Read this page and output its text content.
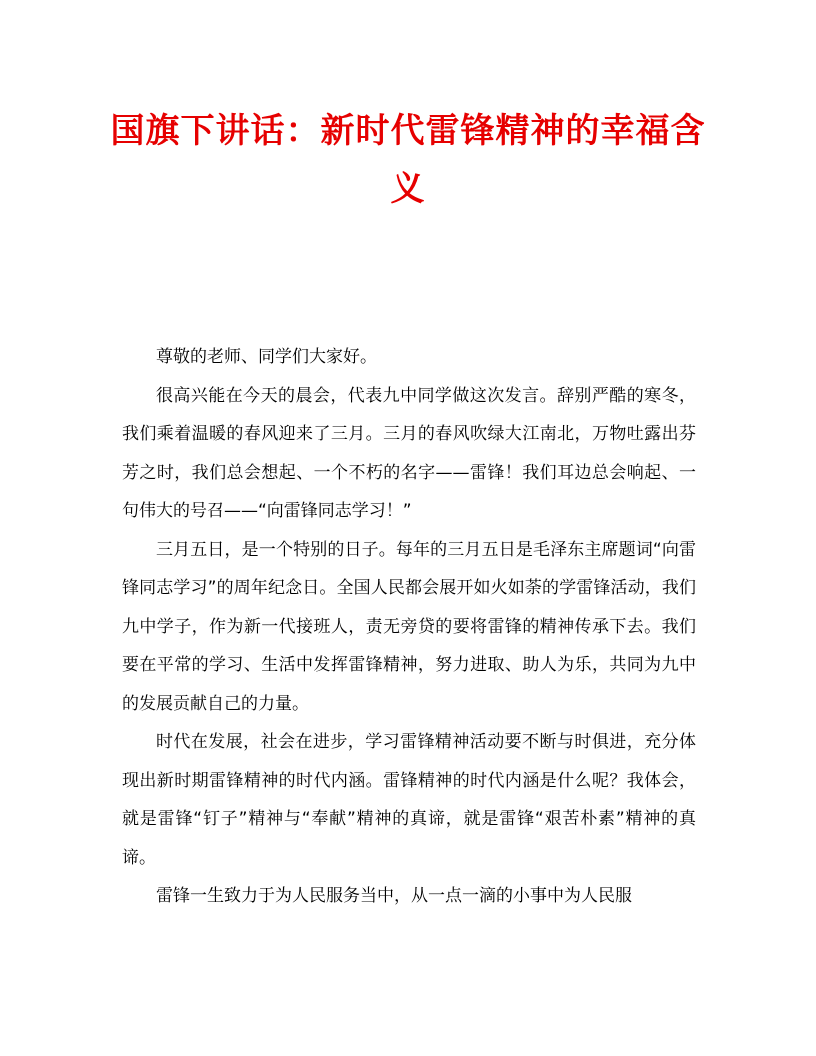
国旗下讲话：新时代雷锋精神的幸福含义

尊敬的老师、同学们大家好。

很高兴能在今天的晨会，代表九中同学做这次发言。辞别严酷的寒冬，我们乘着温暖的春风迎来了三月。三月的春风吹绿大江南北，万物吐露出芬芳之时，我们总会想起、一个不朽的名字——雷锋！我们耳边总会响起、一句伟大的号召——“向雷锋同志学习！”

三月五日，是一个特别的日子。每年的三月五日是毛泽东主席题词“向雷锋同志学习”的周年纪念日。全国人民都会展开如火如荼的学雷锋活动，我们九中学子，作为新一代接班人，责无旁贷的要将雷锋的精神传承下去。我们要在平常的学习、生活中发挥雷锋精神，努力进取、助人为乐，共同为九中的发展贡献自己的力量。

时代在发展，社会在进步，学习雷锋精神活动要不断与时俱进，充分体现出新时期雷锋精神的时代内涵。雷锋精神的时代内涵是什么呢？我体会，就是雷锋“钉子”精神与“奉献”精神的真谛，就是雷锋“艰苦朴素”精神的真谛。

雷锋一生致力于为人民服务当中，从一点一滴的小事中为人民服
